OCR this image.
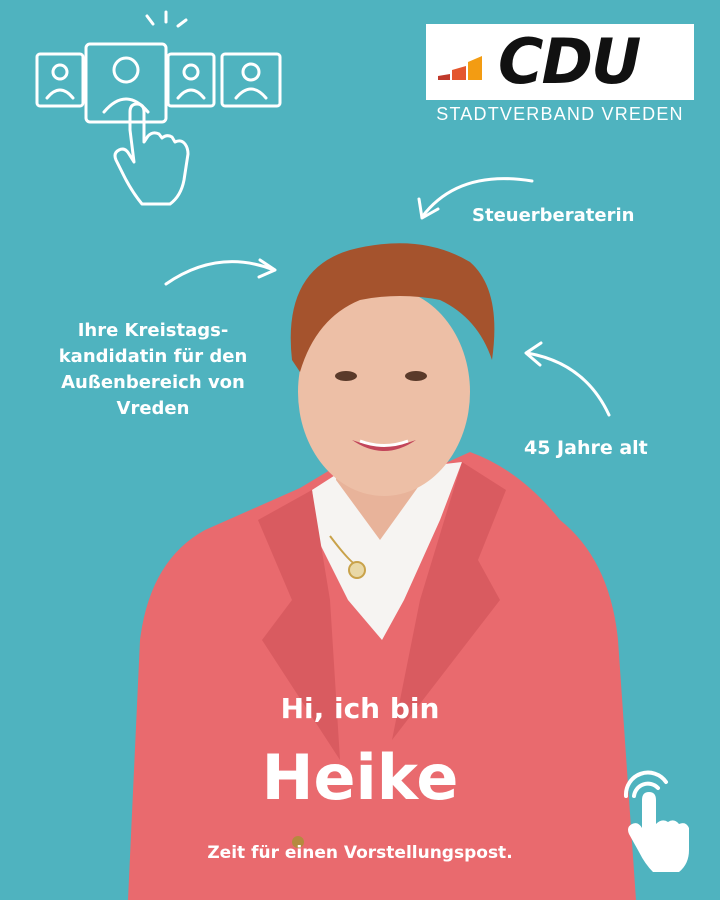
CDU
STADTVERBAND VREDEN
Steuerberaterin
45 Jahre alt
Ihre Kreistags-
kandidatin für den
Außenbereich von
Vreden
Hi, ich bin
Heike
Zeit für einen Vorstellungspost.
